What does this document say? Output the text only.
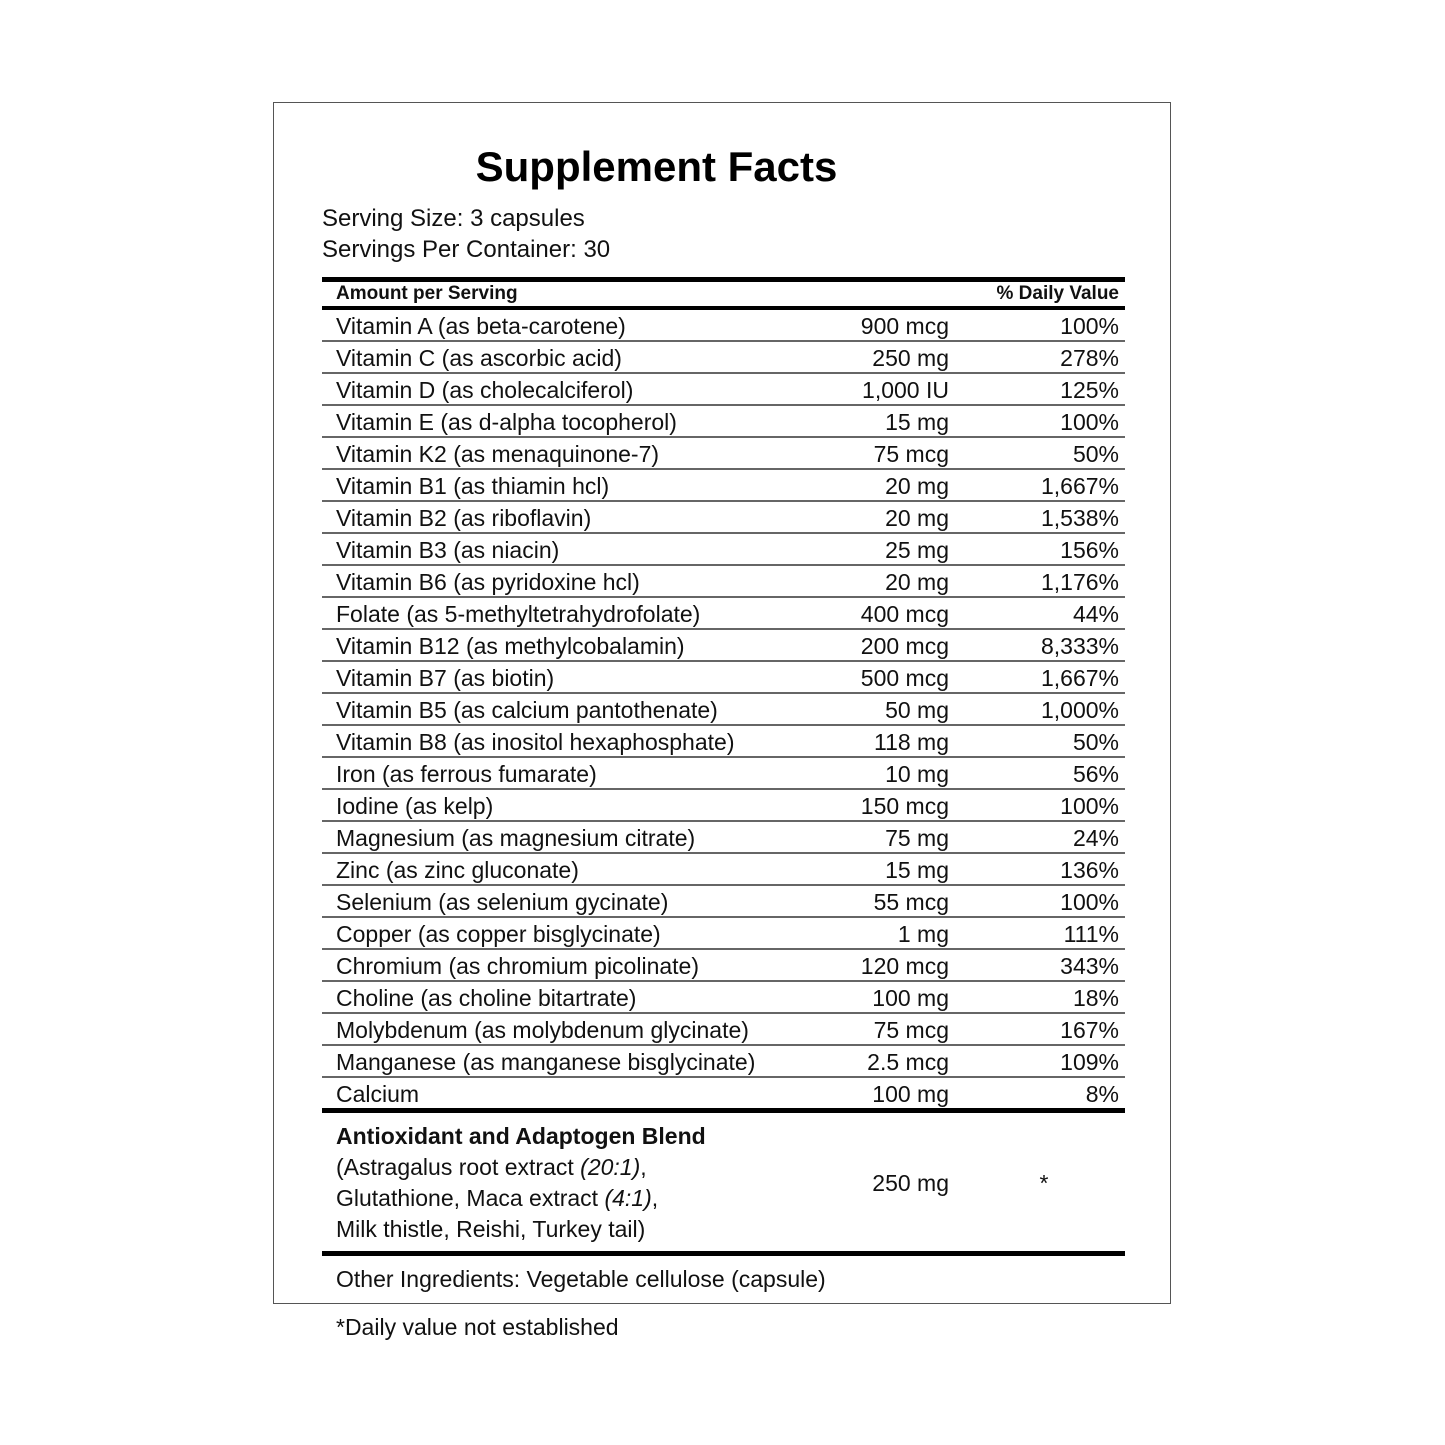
Supplement Facts
Serving Size: 3 capsules
Servings Per Container: 30
Amount per Serving	% Daily Value
Vitamin A (as beta-carotene)	900 mcg	100%
Vitamin C (as ascorbic acid)	250 mg	278%
Vitamin D (as cholecalciferol)	1,000 IU	125%
Vitamin E (as d-alpha tocopherol)	15 mg	100%
Vitamin K2 (as menaquinone-7)	75 mcg	50%
Vitamin B1 (as thiamin hcl)	20 mg	1,667%
Vitamin B2 (as riboflavin)	20 mg	1,538%
Vitamin B3 (as niacin)	25 mg	156%
Vitamin B6 (as pyridoxine hcl)	20 mg	1,176%
Folate (as 5-methyltetrahydrofolate)	400 mcg	44%
Vitamin B12 (as methylcobalamin)	200 mcg	8,333%
Vitamin B7 (as biotin)	500 mcg	1,667%
Vitamin B5 (as calcium pantothenate)	50 mg	1,000%
Vitamin B8 (as inositol hexaphosphate)	118 mg	50%
Iron (as ferrous fumarate)	10 mg	56%
Iodine (as kelp)	150 mcg	100%
Magnesium (as magnesium citrate)	75 mg	24%
Zinc (as zinc gluconate)	15 mg	136%
Selenium (as selenium gycinate)	55 mcg	100%
Copper (as copper bisglycinate)	1 mg	111%
Chromium (as chromium picolinate)	120 mcg	343%
Choline (as choline bitartrate)	100 mg	18%
Molybdenum (as molybdenum glycinate)	75 mcg	167%
Manganese (as manganese bisglycinate)	2.5 mcg	109%
Calcium	100 mg	8%
Antioxidant and Adaptogen Blend
(Astragalus root extract (20:1),
Glutathione, Maca extract (4:1),
Milk thistle, Reishi, Turkey tail)
250 mg	*
Other Ingredients: Vegetable cellulose (capsule)
*Daily value not established
